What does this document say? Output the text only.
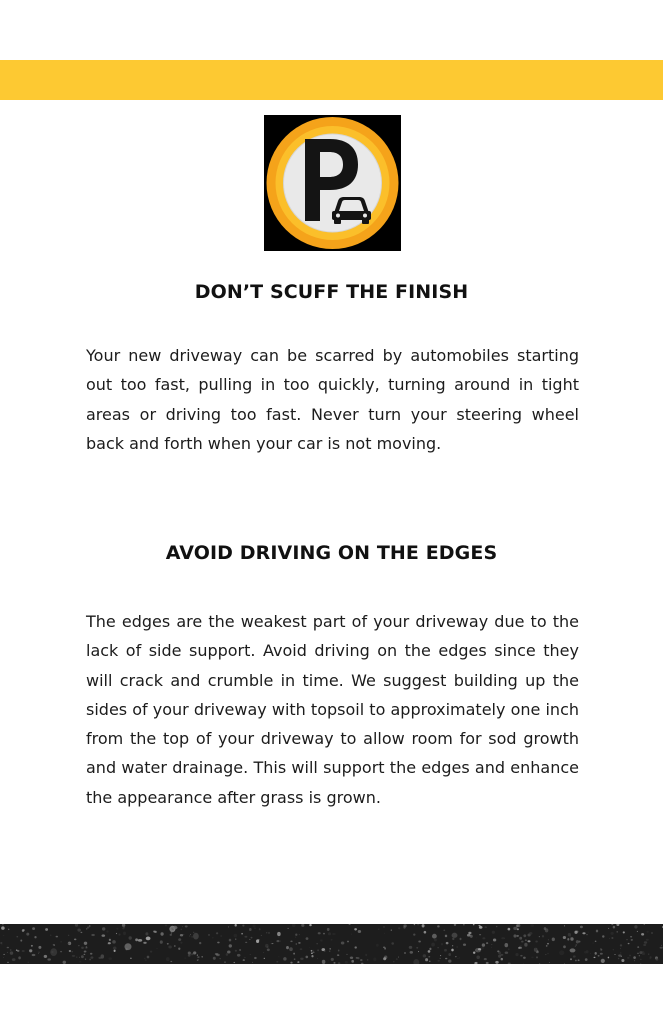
DON’T SCUFF THE FINISH

Your new driveway can be scarred by automobiles starting out too fast, pulling in too quickly, turning around in tight areas or driving too fast. Never turn your steering wheel back and forth when your car is not moving.

AVOID DRIVING ON THE EDGES

The edges are the weakest part of your driveway due to the lack of side support. Avoid driving on the edges since they will crack and crumble in time. We suggest building up the sides of your driveway with topsoil to approximately one inch from the top of your driveway to allow room for sod growth and water drainage. This will support the edges and enhance the appearance after grass is grown.
